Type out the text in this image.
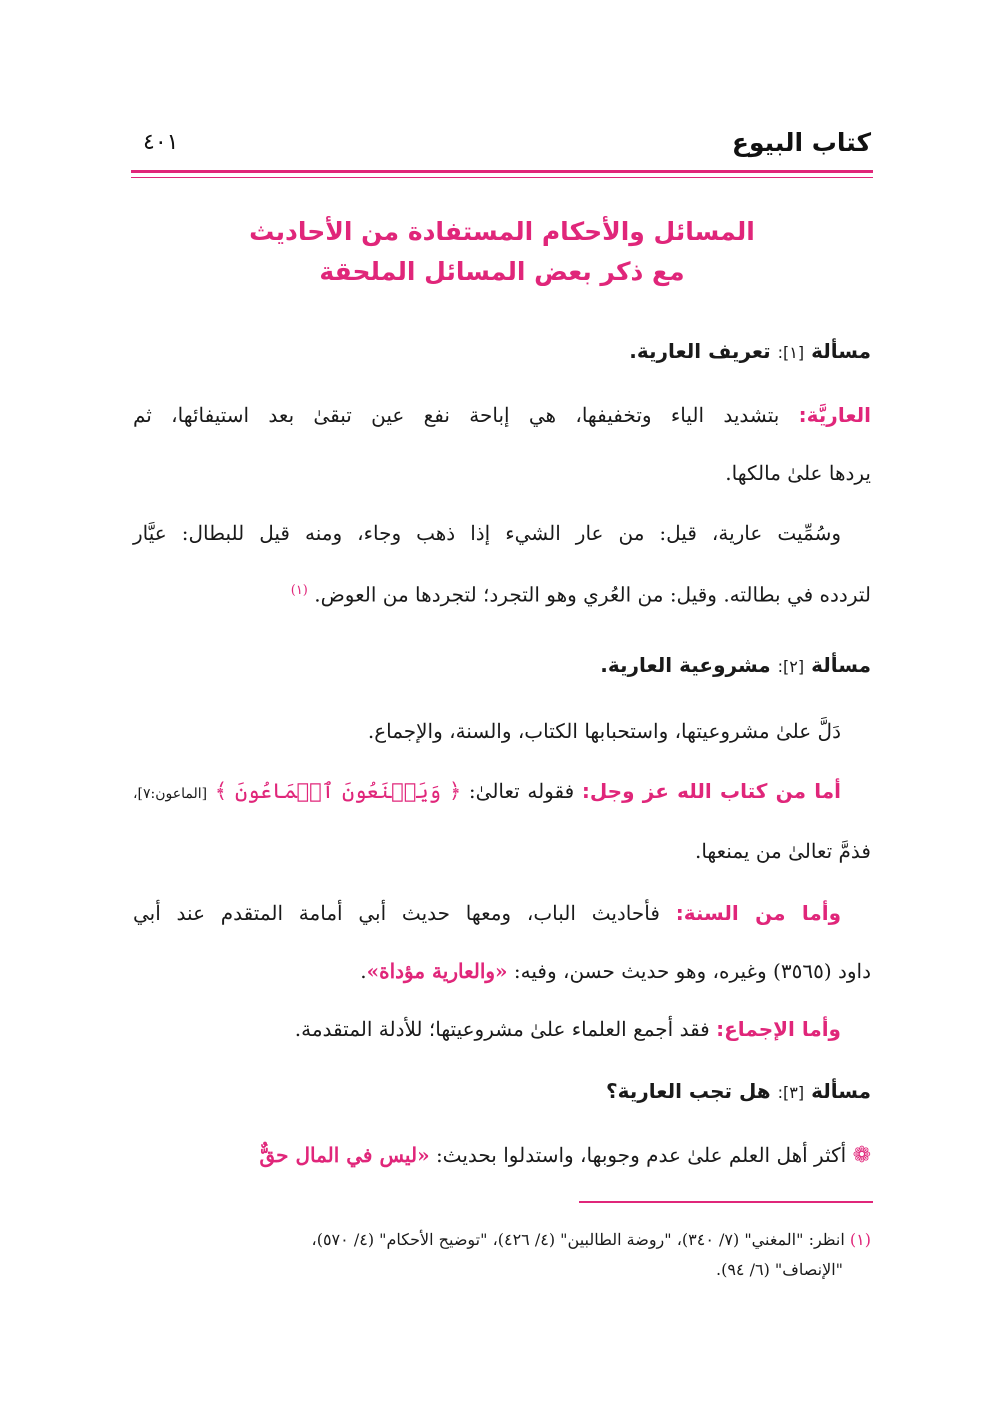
كتاب البيوع
٤٠١
المسائل والأحكام المستفادة من الأحاديث
مع ذكر بعض المسائل الملحقة
مسألة [١]: تعريف العارية.
العاريَّة: بتشديد الياء وتخفيفها، هي إباحة نفع عين تبقىٰ بعد استيفائها، ثم
يردها علىٰ مالكها.
وسُمِّيت عارية، قيل: من عار الشيء إذا ذهب وجاء، ومنه قيل للبطال: عيَّار
لتردده في بطالته. وقيل: من العُري وهو التجرد؛ لتجردها من العوض. $^{(١)}$
مسألة [٢]: مشروعية العارية.
دَلَّ علىٰ مشروعيتها، واستحبابها الكتاب، والسنة، والإجماع.
أما من كتاب الله عز وجل: فقوله تعالىٰ: ﴿ وَيَمۡنَعُونَ ٱلۡمَاعُونَ ﴾ [الماعون:٧]،
فذمَّ تعالىٰ من يمنعها.
وأما من السنة: فأحاديث الباب، ومعها حديث أبي أمامة المتقدم عند أبي
داود (٣٥٦٥) وغيره، وهو حديث حسن، وفيه: «والعارية مؤداة».
وأما الإجماع: فقد أجمع العلماء علىٰ مشروعيتها؛ للأدلة المتقدمة.
مسألة [٣]: هل تجب العارية؟
❁ أكثر أهل العلم علىٰ عدم وجوبها، واستدلوا بحديث: «ليس في المال حقٌّ
(١) انظر: "المغني" (٧/ ٣٤٠)، "روضة الطالبين" (٤/ ٤٢٦)، "توضيح الأحكام" (٤/ ٥٧٠)،
"الإنصاف" (٦/ ٩٤).
